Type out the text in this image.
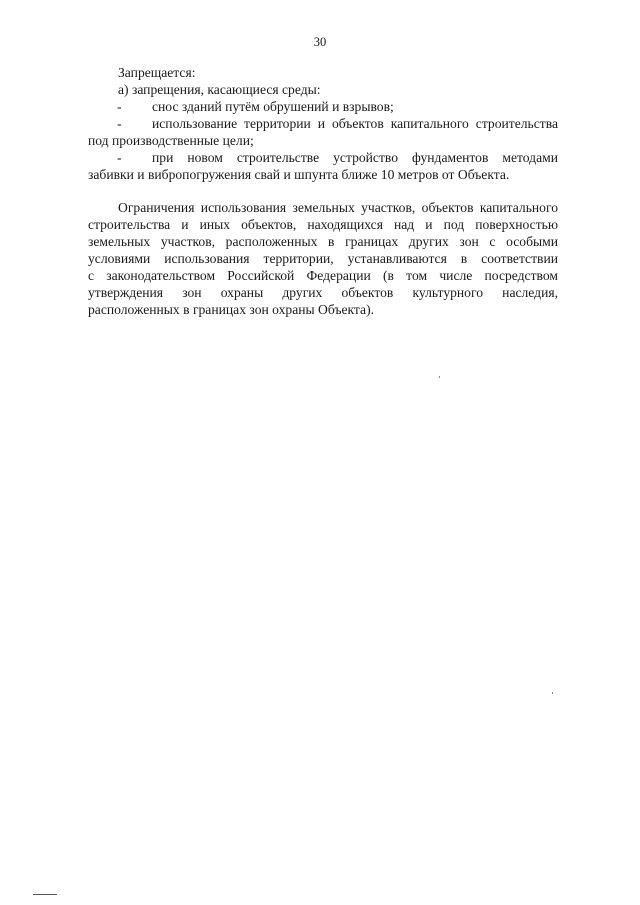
30
Запрещается:
а) запрещения, касающиеся среды:
- снос зданий путём обрушений и взрывов;
- использование территории и объектов капитального строительства
под производственные цели;
- при новом строительстве устройство фундаментов методами
забивки и вибропогружения свай и шпунта ближе 10 метров от Объекта.
Ограничения использования земельных участков, объектов капитального
строительства и иных объектов, находящихся над и под поверхностью
земельных участков, расположенных в границах других зон с особыми
условиями использования территории, устанавливаются в соответствии
с законодательством Российской Федерации (в том числе посредством
утверждения зон охраны других объектов культурного наследия,
расположенных в границах зон охраны Объекта).
